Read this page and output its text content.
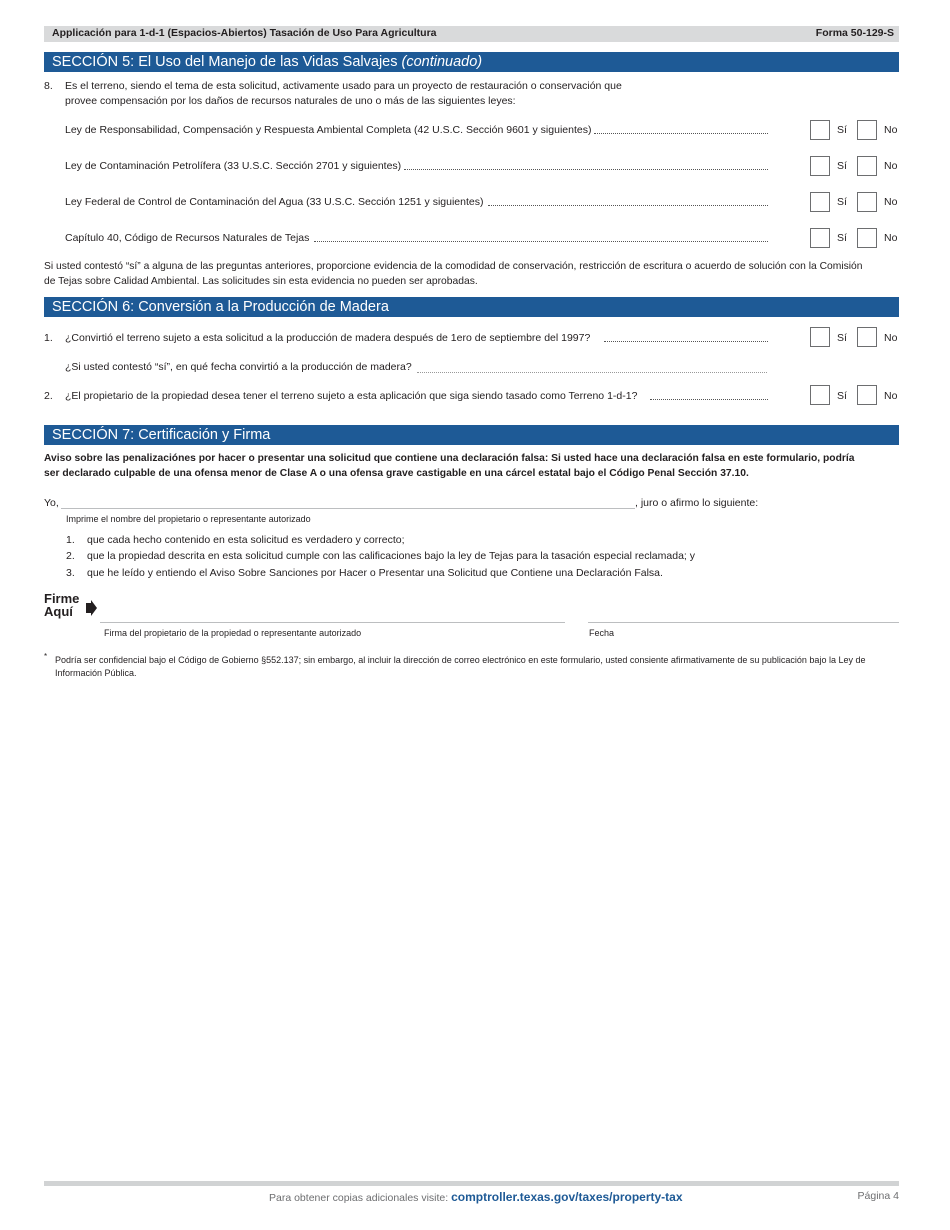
Applicación para 1-d-1 (Espacios-Abiertos) Tasación de Uso Para Agricultura	Forma 50-129-S
SECCIÓN 5: El Uso del Manejo de las Vidas Salvajes (continuado)
8. Es el terreno, siendo el tema de esta solicitud, activamente usado para un proyecto de restauración o conservación que
provee compensación por los daños de recursos naturales de uno o más de las siguientes leyes:
Ley de Responsabilidad, Compensación y Respuesta Ambiental Completa (42 U.S.C. Sección 9601 y siguientes)	Sí	No
Ley de Contaminación Petrolífera (33 U.S.C. Sección 2701 y siguientes)	Sí	No
Ley Federal de Control de Contaminación del Agua (33 U.S.C. Sección 1251 y siguientes)	Sí	No
Capítulo 40, Código de Recursos Naturales de Tejas	Sí	No
Si usted contestó “sí” a alguna de las preguntas anteriores, proporcione evidencia de la comodidad de conservación, restricción de escritura o acuerdo de solución con la Comisión
de Tejas sobre Calidad Ambiental. Las solicitudes sin esta evidencia no pueden ser aprobadas.
SECCIÓN 6: Conversión a la Producción de Madera
1. ¿Convirtió el terreno sujeto a esta solicitud a la producción de madera después de 1ero de septiembre del 1997?	Sí	No
¿Si usted contestó “sí”, en qué fecha convirtió a la producción de madera?
2. ¿El propietario de la propiedad desea tener el terreno sujeto a esta aplicación que siga siendo tasado como Terreno 1-d-1?	Sí	No
SECCIÓN 7: Certificación y Firma
Aviso sobre las penalizaciónes por hacer o presentar una solicitud que contiene una declaración falsa: Si usted hace una declaración falsa en este formulario, podría
ser declarado culpable de una ofensa menor de Clase A o una ofensa grave castigable en una cárcel estatal bajo el Código Penal Sección 37.10.
Yo,	, juro o afirmo lo siguiente:
Imprime el nombre del propietario o representante autorizado
1. que cada hecho contenido en esta solicitud es verdadero y correcto;
2. que la propiedad descrita en esta solicitud cumple con las calificaciones bajo la ley de Tejas para la tasación especial reclamada; y
3. que he leído y entiendo el Aviso Sobre Sanciones por Hacer o Presentar una Solicitud que Contiene una Declaración Falsa.
Firme
Aquí
Firma del propietario de la propiedad o representante autorizado	Fecha
* Podría ser confidencial bajo el Código de Gobierno §552.137; sin embargo, al incluir la dirección de correo electrónico en este formulario, usted consiente afirmativamente de su publicación bajo la Ley de
Información Pública.
Para obtener copias adicionales visite: comptroller.texas.gov/taxes/property-tax	Página 4
